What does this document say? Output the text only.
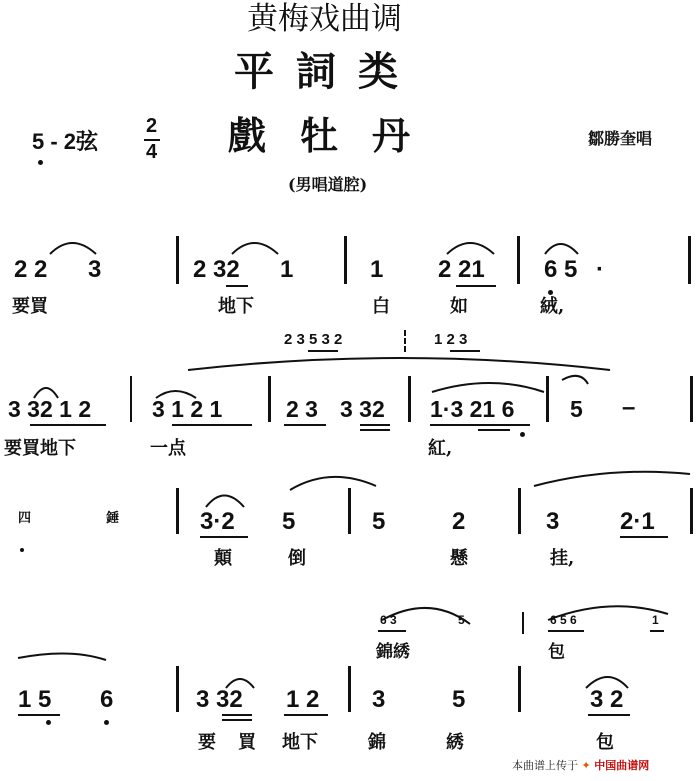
黄梅戏曲调
平詞类
5 - 2弦
2
4 戲牡丹	鄒勝奎唱
(男唱道腔)
2 2 3	2 32 1	1 2 21 6 5 ·
要買	地下	白	如	絨,
2 3 5 3 2	1 2 3
3 32 1 2	3 1 2 1	2 3 3 32 1·3 21 6 5 –
要買地下	一点	紅,
四	錘	3·2 5	5	2	3	2·1
顛	倒	懸	挂,
6 3	5	6 5 6	1
錦綉	包
1 5 6	3 32 1 2 3	5	3 2
要 買 地下	錦	綉	包
本曲谱上传于 ✦ 中国曲谱网
